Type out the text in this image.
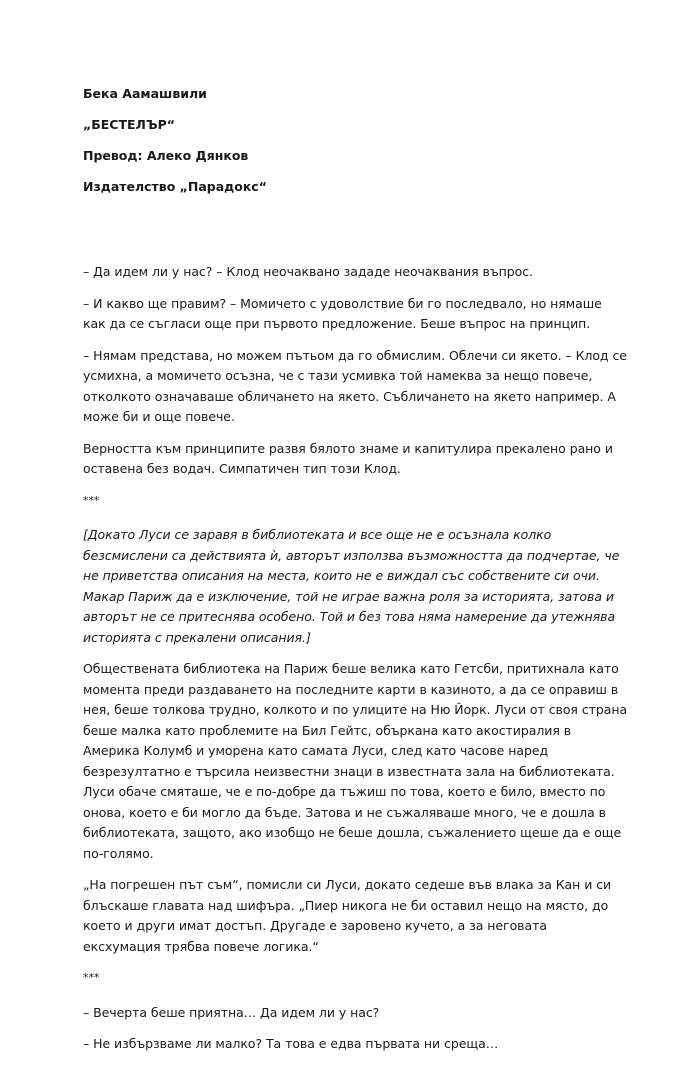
Бека Аамашвили

„БЕСТЕЛЪР“

Превод: Алеко Дянков

Издателство „Парадокс“

– Да идем ли у нас? – Клод неочаквано зададе неочаквания въпрос.

– И какво ще правим? – Момичето с удоволствие би го последвало, но нямаше как да се съгласи още при първото предложение. Беше въпрос на принцип.

– Нямам представа, но можем пътьом да го обмислим. Облечи си якето. – Клод се усмихна, а момичето осъзна, че с тази усмивка той намеква за нещо повече, отколкото означаваше обличането на якето. Събличането на якето например. А може би и още повече.

Верността към принципите развя бялото знаме и капитулира прекалено рано и оставена без водач. Симпатичен тип този Клод.

***

[Докато Луси се заравя в библиотеката и все още не е осъзнала колко безсмислени са действията ѝ, авторът използва възможността да подчертае, че не приветства описания на места, които не е виждал със собствените си очи. Макар Париж да е изключение, той не играе важна роля за историята, затова и авторът не се притеснява особено. Той и без това няма намерение да утежнява историята с прекалени описания.]

Обществената библиотека на Париж беше велика като Гетсби, притихнала като момента преди раздаването на последните карти в казиното, а да се оправиш в нея, беше толкова трудно, колкото и по улиците на Ню Йорк. Луси от своя страна беше малка като проблемите на Бил Гейтс, объркана като акостиралия в Америка Колумб и уморена като самата Луси, след като часове наред безрезултатно е търсила неизвестни знаци в известната зала на библиотеката. Луси обаче смяташе, че е по-добре да тъжиш по това, което е било, вместо по онова, което е би могло да бъде. Затова и не съжаляваше много, че е дошла в библиотеката, защото, ако изобщо не беше дошла, съжалението щеше да е още по-голямо.

„На погрешен път съм“, помисли си Луси, докато седеше във влака за Кан и си блъскаше главата над шифъра. „Пиер никога не би оставил нещо на място, до което и други имат достъп. Другаде е заровено кучето, а за неговата ексхумация трябва повече логика.“

***

– Вечерта беше приятна… Да идем ли у нас?

– Не избързваме ли малко? Та това е едва първата ни среща…
